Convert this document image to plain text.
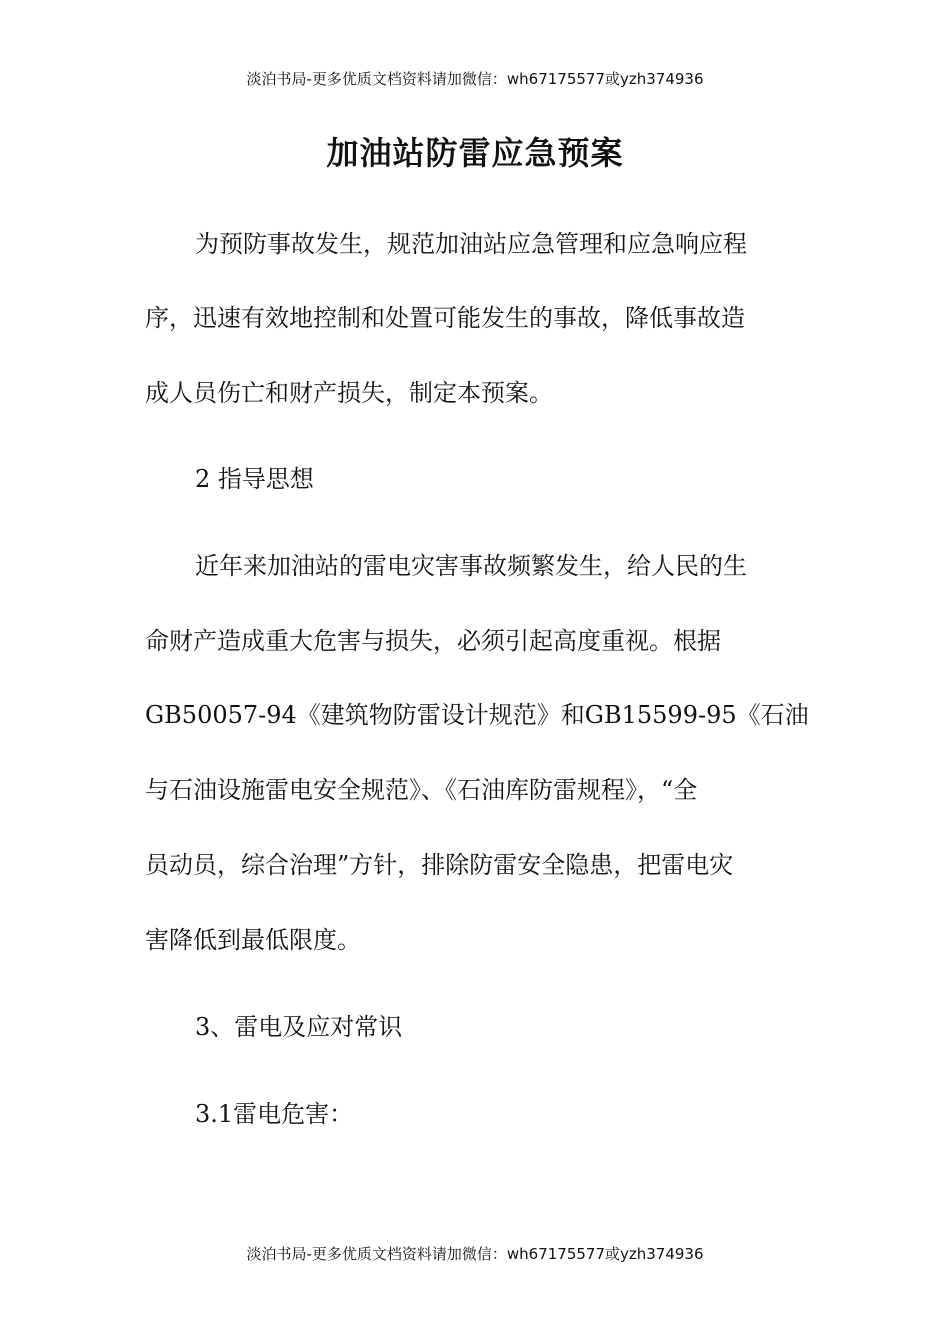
淡泊书局-更多优质文档资料请加微信：wh67175577或yzh374936
加油站防雷应急预案

为预防事故发生，规范加油站应急管理和应急响应程

序，迅速有效地控制和处置可能发生的事故，降低事故造

成人员伤亡和财产损失，制定本预案。

2 指导思想

近年来加油站的雷电灾害事故频繁发生，给人民的生

命财产造成重大危害与损失，必须引起高度重视。根据

GB50057-94《建筑物防雷设计规范》和GB15599-95《石油

与石油设施雷电安全规范》、《石油库防雷规程》，“全

员动员，综合治理”方针，排除防雷安全隐患，把雷电灾

害降低到最低限度。

3、雷电及应对常识

3.1雷电危害：

淡泊书局-更多优质文档资料请加微信：wh67175577或yzh374936
